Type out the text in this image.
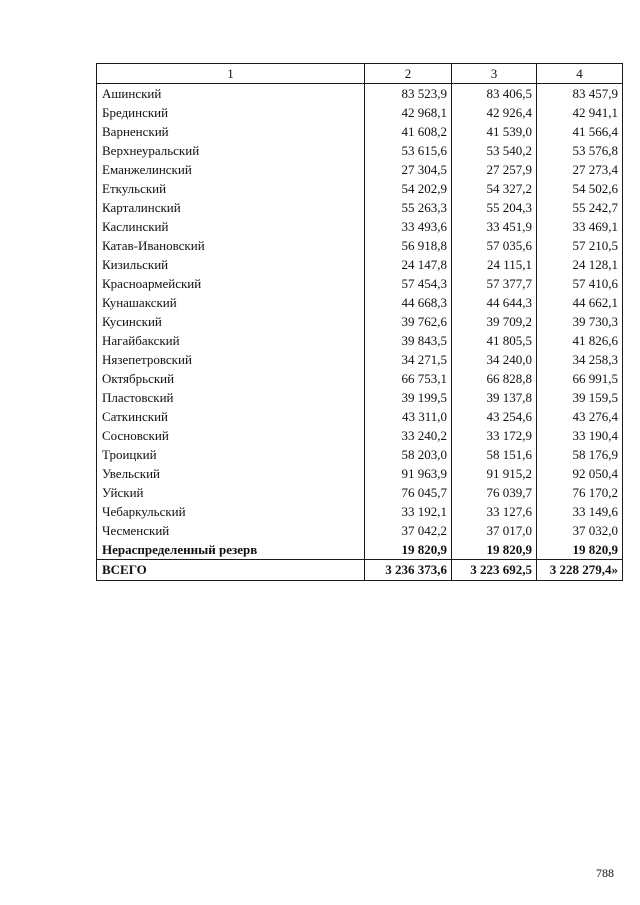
1	2	3	4
Ашинский	83 523,9	83 406,5	83 457,9
Брединский	42 968,1	42 926,4	42 941,1
Варненский	41 608,2	41 539,0	41 566,4
Верхнеуральский	53 615,6	53 540,2	53 576,8
Еманжелинский	27 304,5	27 257,9	27 273,4
Еткульский	54 202,9	54 327,2	54 502,6
Карталинский	55 263,3	55 204,3	55 242,7
Каслинский	33 493,6	33 451,9	33 469,1
Катав-Ивановский	56 918,8	57 035,6	57 210,5
Кизильский	24 147,8	24 115,1	24 128,1
Красноармейский	57 454,3	57 377,7	57 410,6
Кунашакский	44 668,3	44 644,3	44 662,1
Кусинский	39 762,6	39 709,2	39 730,3
Нагайбакский	39 843,5	41 805,5	41 826,6
Нязепетровский	34 271,5	34 240,0	34 258,3
Октябрьский	66 753,1	66 828,8	66 991,5
Пластовский	39 199,5	39 137,8	39 159,5
Саткинский	43 311,0	43 254,6	43 276,4
Сосновский	33 240,2	33 172,9	33 190,4
Троицкий	58 203,0	58 151,6	58 176,9
Увельский	91 963,9	91 915,2	92 050,4
Уйский	76 045,7	76 039,7	76 170,2
Чебаркульский	33 192,1	33 127,6	33 149,6
Чесменский	37 042,2	37 017,0	37 032,0
Нераспределенный резерв	19 820,9	19 820,9	19 820,9
ВСЕГО	3 236 373,6	3 223 692,5	3 228 279,4»
788
